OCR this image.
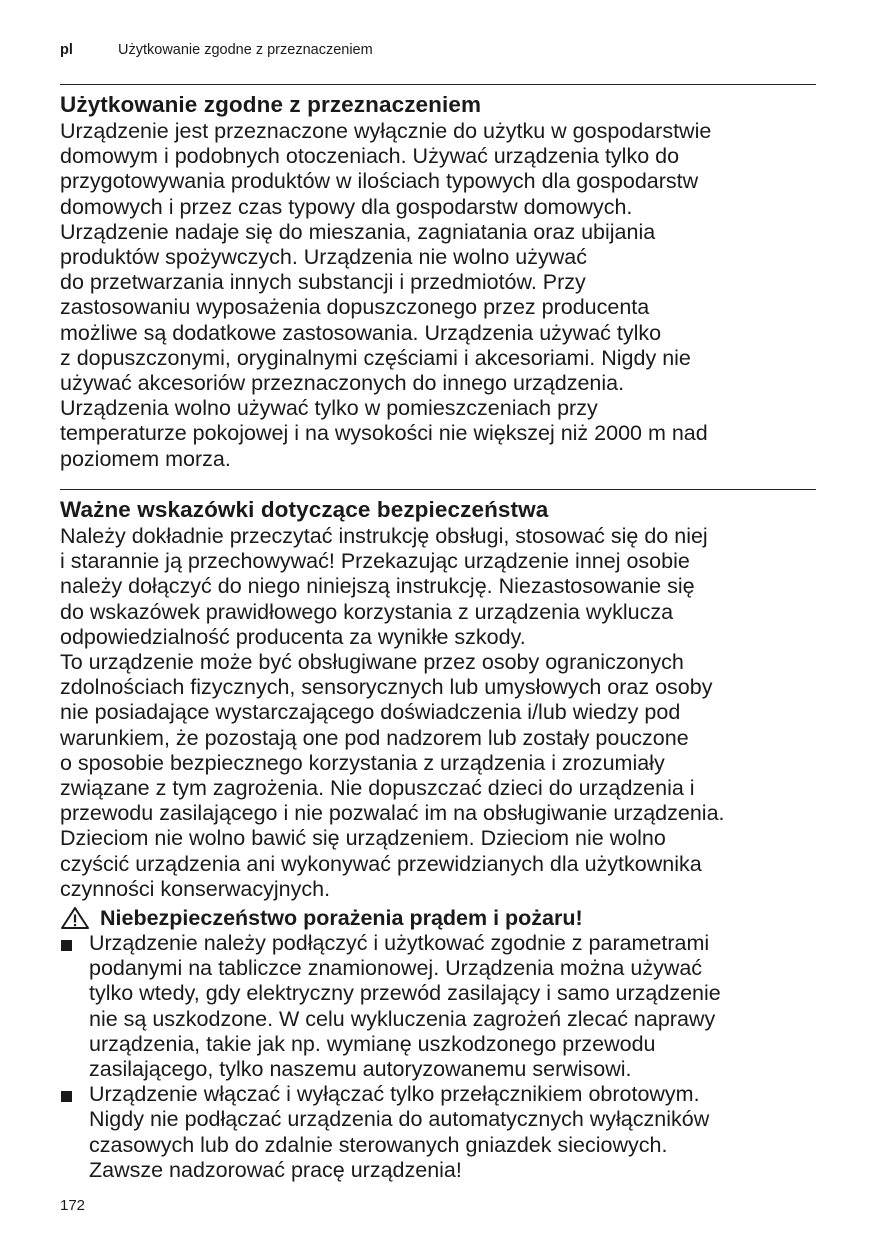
pl	Użytkowanie zgodne z przeznaczeniem
Użytkowanie zgodne z przeznaczeniem

Urządzenie jest przeznaczone wyłącznie do użytku w gospodarstwie
domowym i podobnych otoczeniach. Używać urządzenia tylko do
przygotowywania produktów w ilościach typowych dla gospodarstw
domowych i przez czas typowy dla gospodarstw domowych.
Urządzenie nadaje się do mieszania, zagniatania oraz ubijania
produktów spożywczych. Urządzenia nie wolno używać
do przetwarzania innych substancji i przedmiotów. Przy
zastosowaniu wyposażenia dopuszczonego przez producenta
możliwe są dodatkowe zastosowania. Urządzenia używać tylko
z dopuszczonymi, oryginalnymi częściami i akcesoriami. Nigdy nie
używać akcesoriów przeznaczonych do innego urządzenia.
Urządzenia wolno używać tylko w pomieszczeniach przy
temperaturze pokojowej i na wysokości nie większej niż 2000 m nad
poziomem morza.

Ważne wskazówki dotyczące bezpieczeństwa

Należy dokładnie przeczytać instrukcję obsługi, stosować się do niej
i starannie ją przechowywać! Przekazując urządzenie innej osobie
należy dołączyć do niego niniejszą instrukcję. Niezastosowanie się
do wskazówek prawidłowego korzystania z urządzenia wyklucza
odpowiedzialność producenta za wynikłe szkody.
To urządzenie może być obsługiwane przez osoby ograniczonych
zdolnościach fizycznych, sensorycznych lub umysłowych oraz osoby
nie posiadające wystarczającego doświadczenia i/lub wiedzy pod
warunkiem, że pozostają one pod nadzorem lub zostały pouczone
o sposobie bezpiecznego korzystania z urządzenia i zrozumiały
związane z tym zagrożenia. Nie dopuszczać dzieci do urządzenia i
przewodu zasilającego i nie pozwalać im na obsługiwanie urządzenia.
Dzieciom nie wolno bawić się urządzeniem. Dzieciom nie wolno
czyścić urządzenia ani wykonywać przewidzianych dla użytkownika
czynności konserwacyjnych.

Niebezpieczeństwo porażenia prądem i pożaru!
Urządzenie należy podłączyć i użytkować zgodnie z parametrami
podanymi na tabliczce znamionowej. Urządzenia można używać
tylko wtedy, gdy elektryczny przewód zasilający i samo urządzenie
nie są uszkodzone. W celu wykluczenia zagrożeń zlecać naprawy
urządzenia, takie jak np. wymianę uszkodzonego przewodu
zasilającego, tylko naszemu autoryzowanemu serwisowi.
Urządzenie włączać i wyłączać tylko przełącznikiem obrotowym.
Nigdy nie podłączać urządzenia do automatycznych wyłączników
czasowych lub do zdalnie sterowanych gniazdek sieciowych.
Zawsze nadzorować pracę urządzenia!
172
